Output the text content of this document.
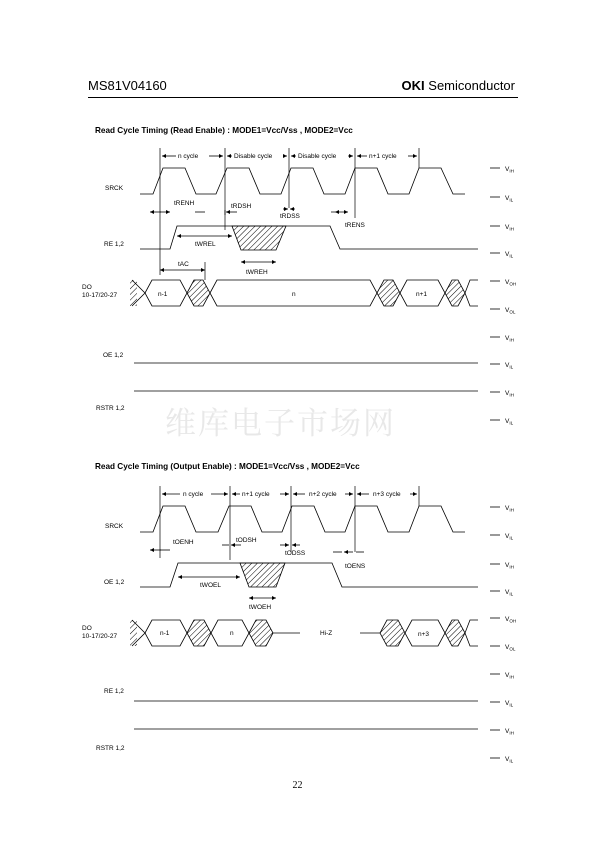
MS81V04160	OKI Semiconductor
维库电子市场网
Read Cycle Timing (Read Enable) : MODE1=Vcc/Vss , MODE2=Vcc
Read Cycle Timing (Output Enable) : MODE1=Vcc/Vss , MODE2=Vcc
n cycle	Disable cycle	Disable cycle	n+1 cycle
SRCK
RE 1,2
DO
10-17/20-27
OE 1,2
RSTR 1,2
tRENH	tRDSH
tRDSS
tRENS
tWREL
tWREH
tAC
n-1	n	n+1
n cycle	n+1 cycle	n+2 cycle	n+3 cycle
SRCK
OE 1,2
DO
10-17/20-27
RE 1,2
RSTR 1,2
tOENH	tODSH
tODSS
tOENS
tWOEL
tWOEH
n-1	n	Hi-Z	n+3
$V_{IH}$
$V_{IL}$
$V_{IH}$
$V_{IL}$
$V_{OH}$
$V_{OL}$
$V_{IH}$
$V_{IL}$
$V_{IH}$
$V_{IL}$
$V_{IH}$
$V_{IL}$
$V_{IH}$
$V_{IL}$
$V_{OH}$
$V_{OL}$
$V_{IH}$
$V_{IL}$
$V_{IH}$
$V_{IL}$
22
